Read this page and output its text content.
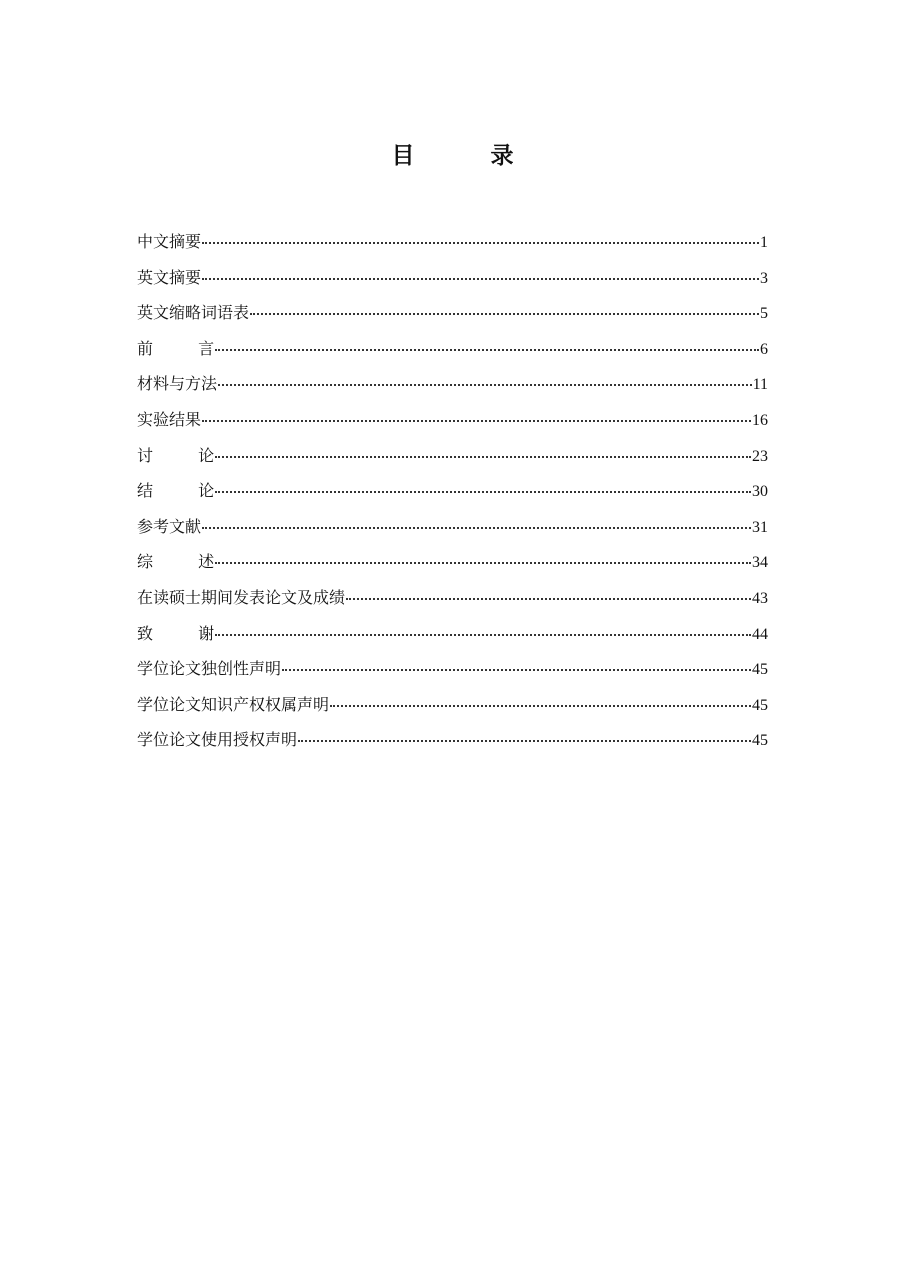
目 录
中文摘要	1
英文摘要	3
英文缩略词语表	5
前 言	6
材料与方法	11
实验结果	16
讨 论	23
结 论	30
参考文献	31
综 述	34
在读硕士期间发表论文及成绩	43
致 谢	44
学位论文独创性声明	45
学位论文知识产权权属声明	45
学位论文使用授权声明	45
